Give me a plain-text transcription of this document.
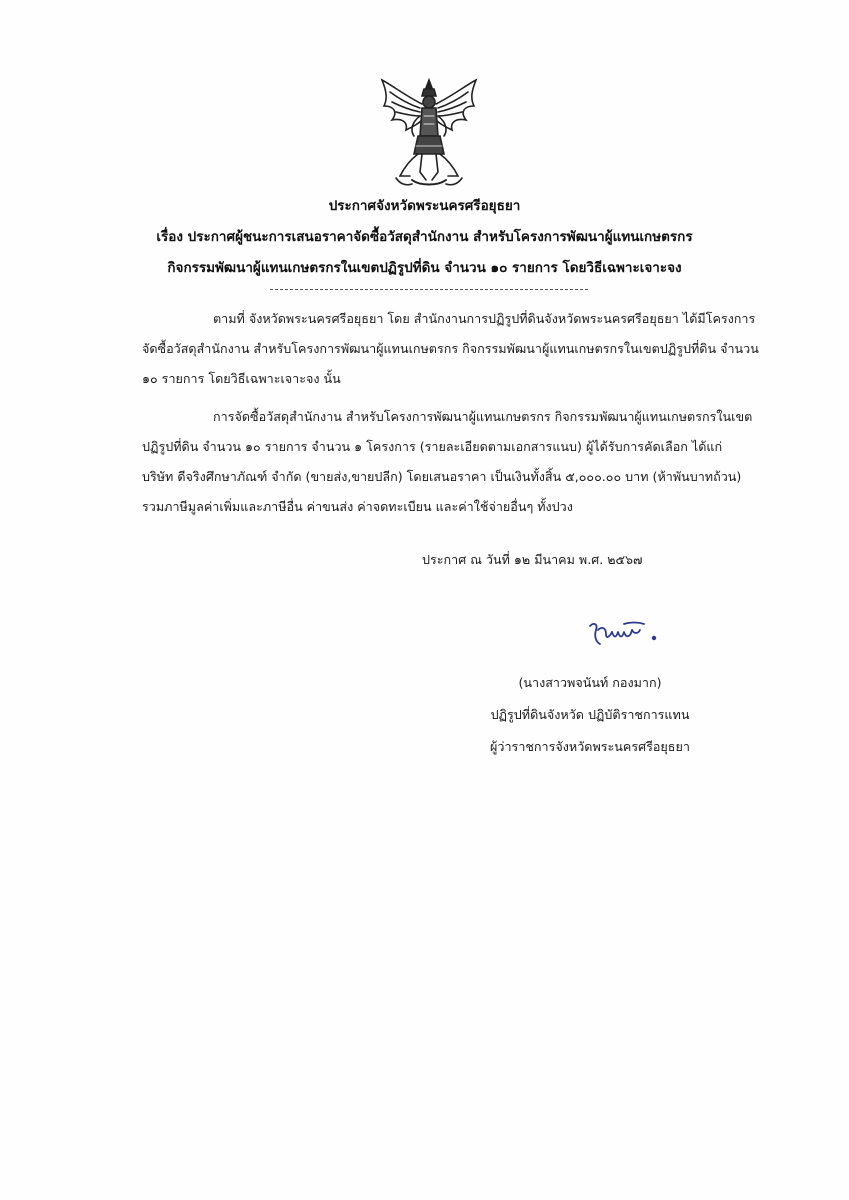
ประกาศจังหวัดพระนครศรีอยุธยา
เรื่อง ประกาศผู้ชนะการเสนอราคาจัดซื้อวัสดุสำนักงาน สำหรับโครงการพัฒนาผู้แทนเกษตรกร
กิจกรรมพัฒนาผู้แทนเกษตรกรในเขตปฏิรูปที่ดิน จำนวน ๑๐ รายการ โดยวิธีเฉพาะเจาะจง
ตามที่ จังหวัดพระนครศรีอยุธยา โดย สำนักงานการปฏิรูปที่ดินจังหวัดพระนครศรีอยุธยา ได้มีโครงการ
จัดซื้อวัสดุสำนักงาน สำหรับโครงการพัฒนาผู้แทนเกษตรกร กิจกรรมพัฒนาผู้แทนเกษตรกรในเขตปฏิรูปที่ดิน จำนวน
๑๐ รายการ โดยวิธีเฉพาะเจาะจง นั้น
การจัดซื้อวัสดุสำนักงาน สำหรับโครงการพัฒนาผู้แทนเกษตรกร กิจกรรมพัฒนาผู้แทนเกษตรกรในเขต
ปฏิรูปที่ดิน จำนวน ๑๐ รายการ จำนวน ๑ โครงการ (รายละเอียดตามเอกสารแนบ) ผู้ได้รับการคัดเลือก ได้แก่
บริษัท ดีจริงศึกษาภัณฑ์ จำกัด (ขายส่ง,ขายปลีก) โดยเสนอราคา เป็นเงินทั้งสิ้น ๕,๐๐๐.๐๐ บาท (ห้าพันบาทถ้วน)
รวมภาษีมูลค่าเพิ่มและภาษีอื่น ค่าขนส่ง ค่าจดทะเบียน และค่าใช้จ่ายอื่นๆ ทั้งปวง
ประกาศ ณ วันที่ ๑๒ มีนาคม พ.ศ. ๒๕๖๗
(นางสาวพจนันท์ กองมาก)
ปฏิรูปที่ดินจังหวัด ปฏิบัติราชการแทน
ผู้ว่าราชการจังหวัดพระนครศรีอยุธยา
